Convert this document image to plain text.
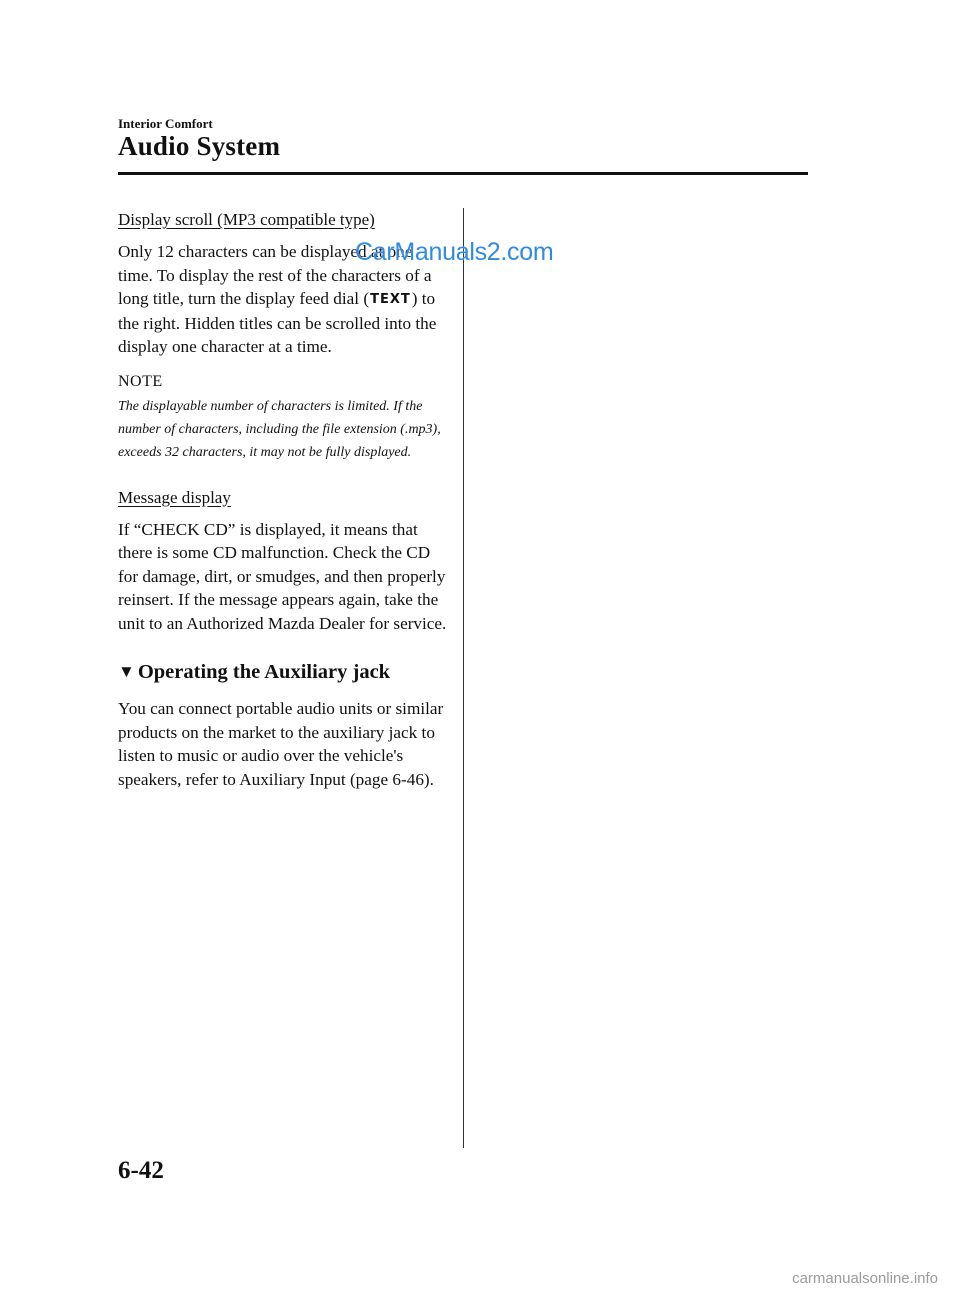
Interior Comfort
Audio System
Display scroll (MP3 compatible type)

Only 12 characters can be displayed at one time. To display the rest of the characters of a long title, turn the display feed dial (TEXT) to the right. Hidden titles can be scrolled into the display one character at a time.

NOTE

The displayable number of characters is limited. If the number of characters, including the file extension (.mp3), exceeds 32 characters, it may not be fully displayed.

Message display

If “CHECK CD” is displayed, it means that there is some CD malfunction. Check the CD for damage, dirt, or smudges, and then properly reinsert. If the message appears again, take the unit to an Authorized Mazda Dealer for service.

▼ Operating the Auxiliary jack

You can connect portable audio units or similar products on the market to the auxiliary jack to listen to music or audio over the vehicle's speakers, refer to Auxiliary Input (page 6-46).

CarManuals2.com
6-42
carmanualsonline.info
